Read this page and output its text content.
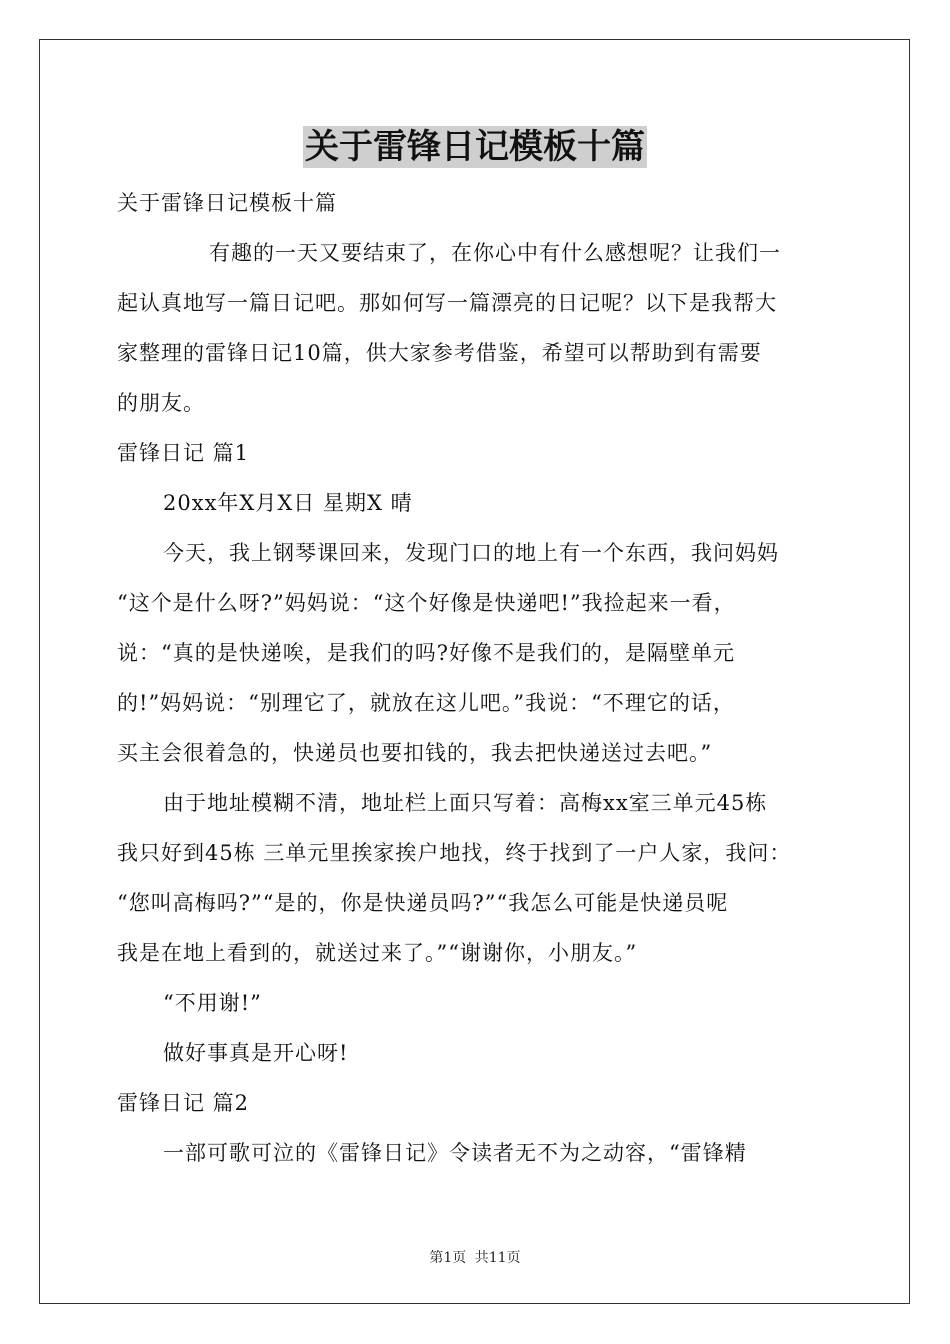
关于雷锋日记模板十篇

关于雷锋日记模板十篇

有趣的一天又要结束了，在你心中有什么感想呢？让我们一

起认真地写一篇日记吧。那如何写一篇漂亮的日记呢？以下是我帮大

家整理的雷锋日记10篇，供大家参考借鉴，希望可以帮助到有需要

的朋友。

雷锋日记 篇1

20xx年X月X日 星期X 晴

今天，我上钢琴课回来，发现门口的地上有一个东西，我问妈妈

“这个是什么呀?”妈妈说：“这个好像是快递吧!”我捡起来一看，

说：“真的是快递唉，是我们的吗?好像不是我们的，是隔壁单元

的!”妈妈说：“别理它了，就放在这儿吧。”我说：“不理它的话，

买主会很着急的，快递员也要扣钱的，我去把快递送过去吧。”

由于地址模糊不清，地址栏上面只写着：高梅xx室三单元45栋

我只好到45栋 三单元里挨家挨户地找，终于找到了一户人家，我问：

“您叫高梅吗?”“是的，你是快递员吗?”“我怎么可能是快递员呢

我是在地上看到的，就送过来了。”“谢谢你，小朋友。”

“不用谢!”

做好事真是开心呀!

雷锋日记 篇2

一部可歌可泣的《雷锋日记》令读者无不为之动容，“雷锋精

第1页 共11页
